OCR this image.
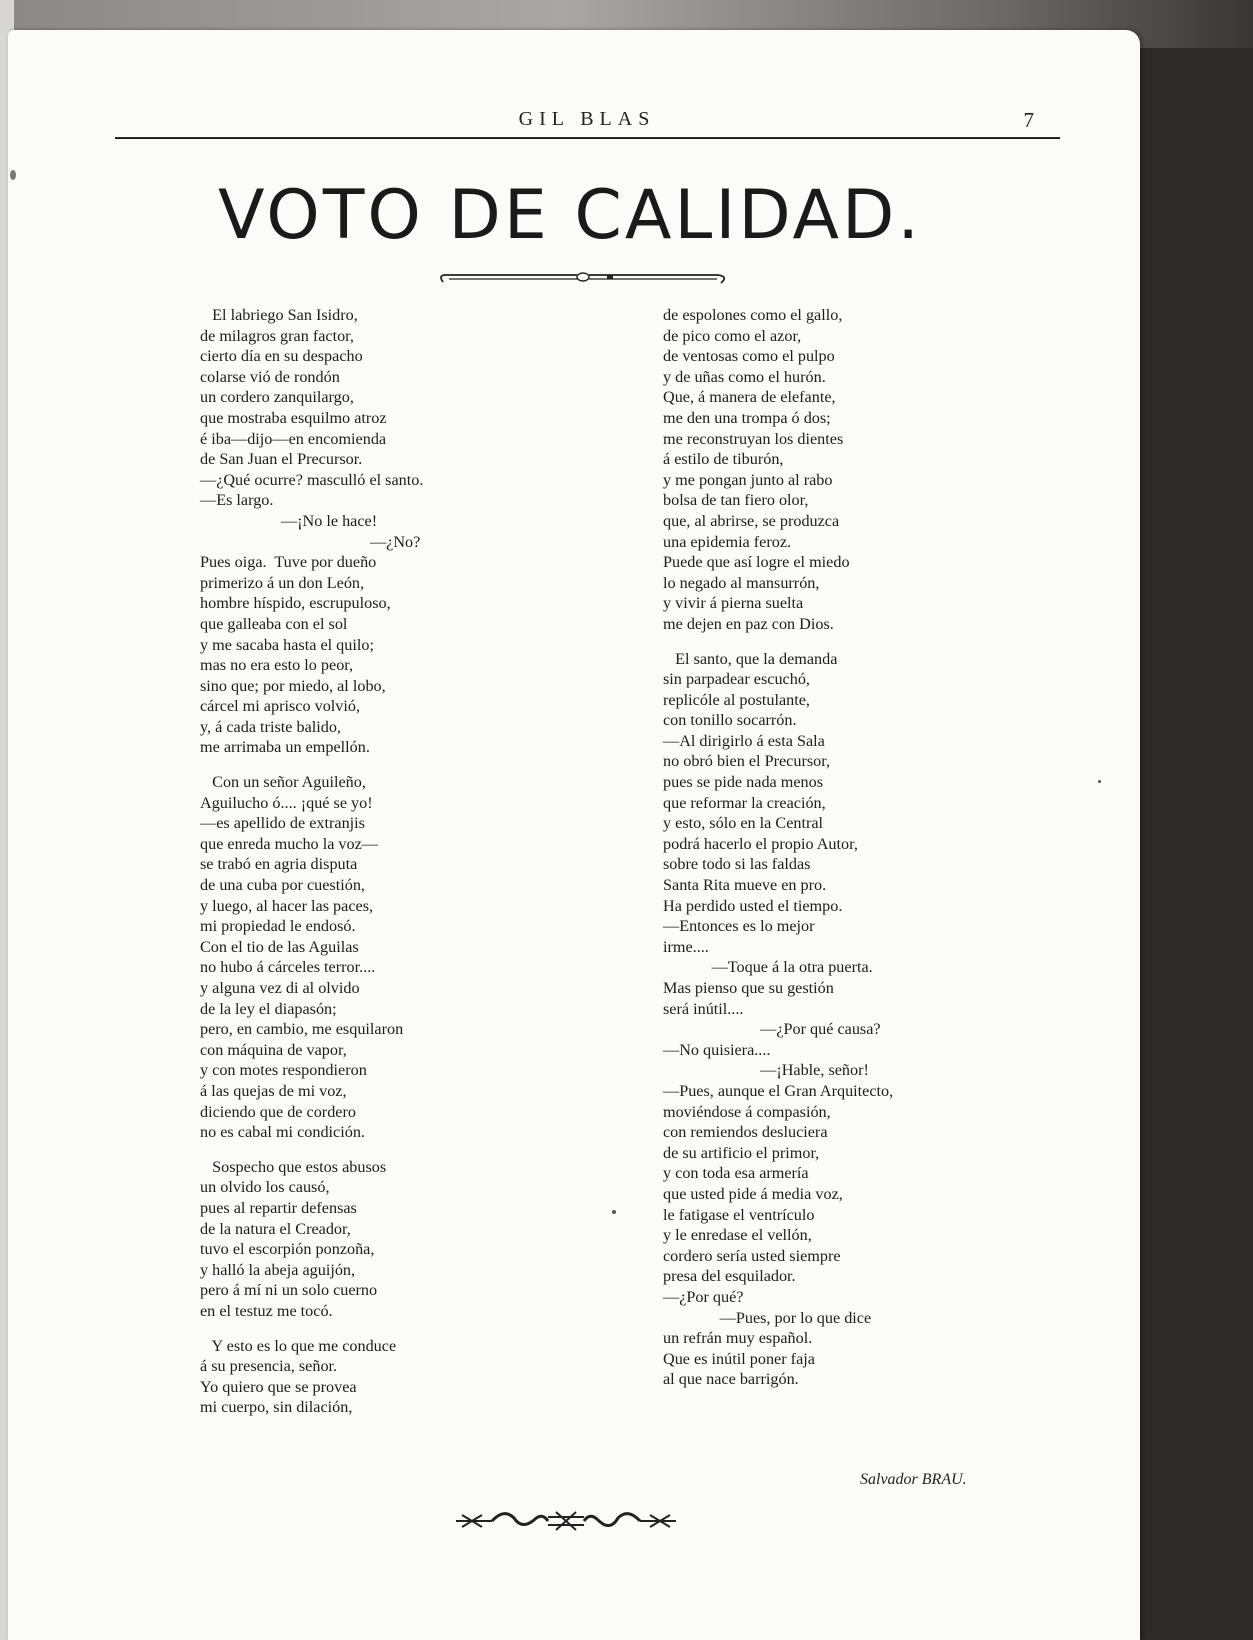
GIL BLAS	7
VOTO DE CALIDAD.
El labriego San Isidro,
de milagros gran factor,
cierto día en su despacho
colarse vió de rondón
un cordero zanquilargo,
que mostraba esquilmo atroz
é iba—dijo—en encomienda
de San Juan el Precursor.
—¿Qué ocurre? masculló el santo.
—Es largo.
—¡No le hace!
—¿No?
Pues oiga.  Tuve por dueño
primerizo á un don León,
hombre híspido, escrupuloso,
que galleaba con el sol
y me sacaba hasta el quilo;
mas no era esto lo peor,
sino que; por miedo, al lobo,
cárcel mi aprisco volvió,
y, á cada triste balido,
me arrimaba un empellón.
Con un señor Aguileño,
Aguilucho ó.... ¡qué se yo!
—es apellido de extranjis
que enreda mucho la voz—
se trabó en agria disputa
de una cuba por cuestión,
y luego, al hacer las paces,
mi propiedad le endosó.
Con el tio de las Aguilas
no hubo á cárceles terror....
y alguna vez di al olvido
de la ley el diapasón;
pero, en cambio, me esquilaron
con máquina de vapor,
y con motes respondieron
á las quejas de mi voz,
diciendo que de cordero
no es cabal mi condición.
Sospecho que estos abusos
un olvido los causó,
pues al repartir defensas
de la natura el Creador,
tuvo el escorpión ponzoña,
y halló la abeja aguijón,
pero á mí ni un solo cuerno
en el testuz me tocó.
Y esto es lo que me conduce
á su presencia, señor.
Yo quiero que se provea
mi cuerpo, sin dilación,
de espolones como el gallo,
de pico como el azor,
de ventosas como el pulpo
y de uñas como el hurón.
Que, á manera de elefante,
me den una trompa ó dos;
me reconstruyan los dientes
á estilo de tiburón,
y me pongan junto al rabo
bolsa de tan fiero olor,
que, al abrirse, se produzca
una epidemia feroz.
Puede que así logre el miedo
lo negado al mansurrón,
y vivir á pierna suelta
me dejen en paz con Dios.
El santo, que la demanda
sin parpadear escuchó,
replicóle al postulante,
con tonillo socarrón.
—Al dirigirlo á esta Sala
no obró bien el Precursor,
pues se pide nada menos
que reformar la creación,
y esto, sólo en la Central
podrá hacerlo el propio Autor,
sobre todo si las faldas
Santa Rita mueve en pro.
Ha perdido usted el tiempo.
—Entonces es lo mejor
irme....
—Toque á la otra puerta.
Mas pienso que su gestión
será inútil....
—¿Por qué causa?
—No quisiera....
—¡Hable, señor!
—Pues, aunque el Gran Arquitecto,
moviéndose á compasión,
con remiendos desluciera
de su artificio el primor,
y con toda esa armería
que usted pide á media voz,
le fatigase el ventrículo
y le enredase el vellón,
cordero sería usted siempre
presa del esquilador.
—¿Por qué?
—Pues, por lo que dice
un refrán muy español.
Que es inútil poner faja
al que nace barrigón.
Salvador BRAU.
